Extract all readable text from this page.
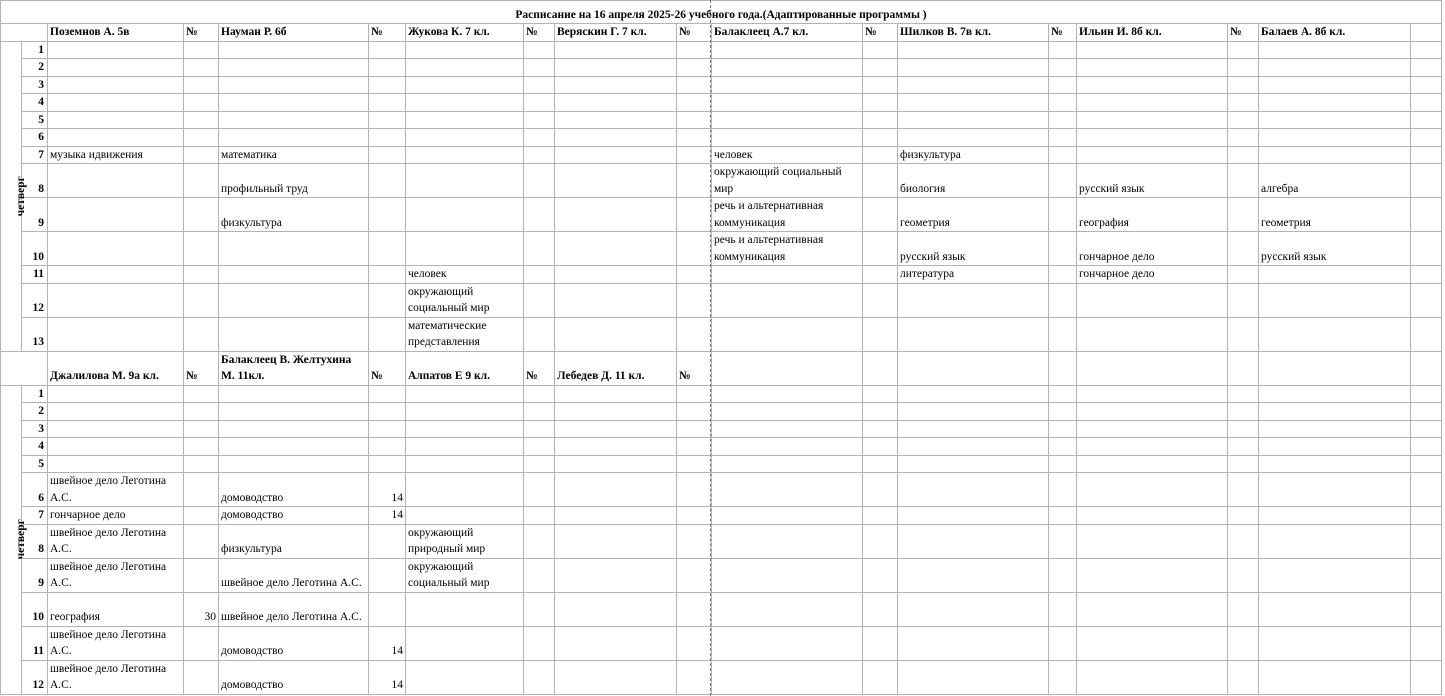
Расписание на 16 апреля 2025-26 учебного года.(Адаптированные программы )																	
		Поземнов А. 5в	№	Науман Р. 6б	№	Жукова К. 7 кл.	№	Веряскин Г. 7 кл.	№	Балаклеец А.7 кл.	№	Шилков В. 7в кл.	№	Ильин И. 8б кл.	№	Балаев А. 8б кл.	
четверг	1																
	2																
	3																
	4																
	5																
	6																
	7	музыка идвижения		математика						человек		физкультура					
	8			профильный труд						окружающий социальный мир		биология		русский язык		алгебра	
	9			физкультура						речь и альтернативная коммуникация		геометрия		география		геометрия	
	10									речь и альтернативная коммуникация		русский язык		гончарное дело		русский язык	
	11					человек						литература		гончарное дело			
	12					окружающий социальный мир											
	13					математические представления											
		Джалилова М. 9а кл.	№	Балаклеец В. Желтухина М. 11кл.	№	Алпатов Е 9 кл.	№	Лебедев Д. 11 кл.	№								
четверг	1																
	2																
	3																
	4																
	5																
	6	швейное дело Леготина А.С.		домоводство	14												
	7	гончарное дело		домоводство	14												
	8	швейное дело Леготина А.С.		физкультура		окружающий природный мир											
	9	швейное дело Леготина А.С.		швейное дело Леготина А.С.		окружающий социальный мир											
	10	география	30	швейное дело Леготина А.С.													
	11	швейное дело Леготина А.С.		домоводство	14												
	12	швейное дело Леготина А.С.		домоводство	14												
